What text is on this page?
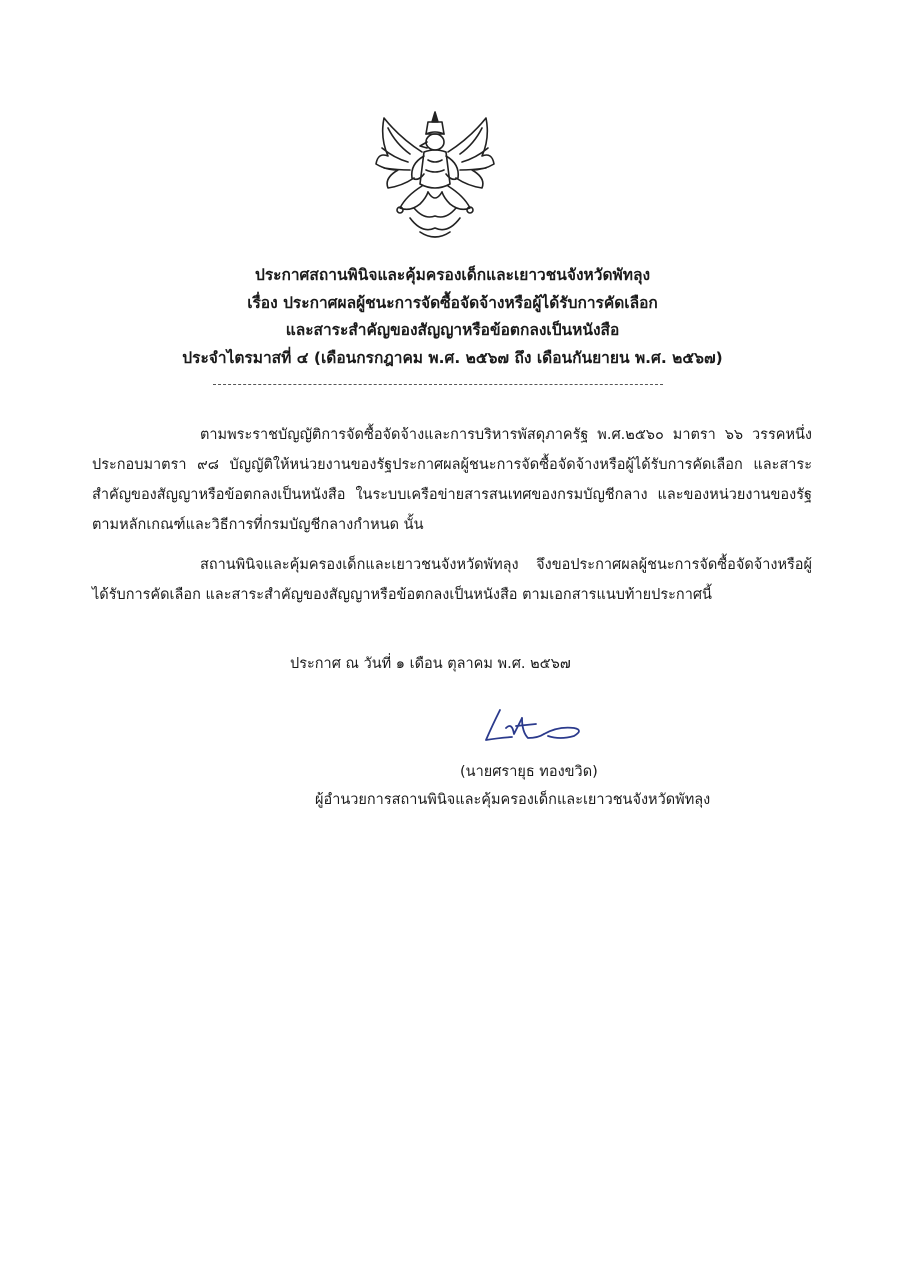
ประกาศสถานพินิจและคุ้มครองเด็กและเยาวชนจังหวัดพัทลุง
เรื่อง ประกาศผลผู้ชนะการจัดซื้อจัดจ้างหรือผู้ได้รับการคัดเลือก
และสาระสำคัญของสัญญาหรือข้อตกลงเป็นหนังสือ
ประจำไตรมาสที่ ๔ (เดือนกรกฎาคม พ.ศ. ๒๕๖๗ ถึง เดือนกันยายน พ.ศ. ๒๕๖๗)
ตามพระราชบัญญัติการจัดซื้อจัดจ้างและการบริหารพัสดุภาครัฐ พ.ศ.๒๕๖๐ มาตรา ๖๖ วรรคหนึ่ง ประกอบมาตรา ๙๘ บัญญัติให้หน่วยงานของรัฐประกาศผลผู้ชนะการจัดซื้อจัดจ้างหรือผู้ได้รับการคัดเลือก และสาระสำคัญของสัญญาหรือข้อตกลงเป็นหนังสือ ในระบบเครือข่ายสารสนเทศของกรมบัญชีกลาง และของหน่วยงานของรัฐตามหลักเกณฑ์และวิธีการที่กรมบัญชีกลางกำหนด นั้น
สถานพินิจและคุ้มครองเด็กและเยาวชนจังหวัดพัทลุง จึงขอประกาศผลผู้ชนะการจัดซื้อจัดจ้างหรือผู้ได้รับการคัดเลือก และสาระสำคัญของสัญญาหรือข้อตกลงเป็นหนังสือ ตามเอกสารแนบท้ายประกาศนี้
ประกาศ ณ วันที่ ๑ เดือน ตุลาคม พ.ศ. ๒๕๖๗
(นายศรายุธ ทองขวิด)
ผู้อำนวยการสถานพินิจและคุ้มครองเด็กและเยาวชนจังหวัดพัทลุง
